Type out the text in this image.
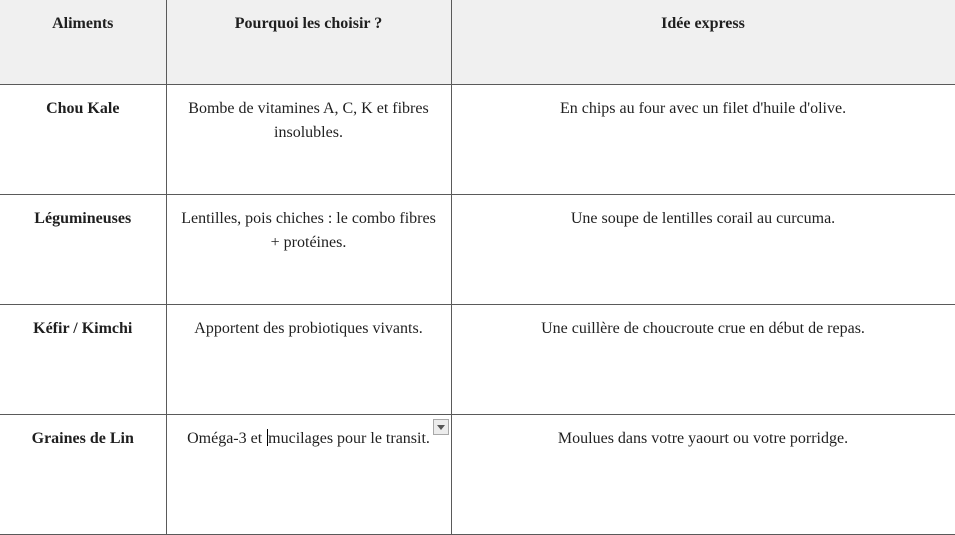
Aliments	Pourquoi les choisir ?	Idée express
Chou Kale	Bombe de vitamines A, C, K et fibres insolubles.	En chips au four avec un filet d'huile d'olive.
Légumineuses	Lentilles, pois chiches : le combo fibres + protéines.	Une soupe de lentilles corail au curcuma.
Kéfir / Kimchi	Apportent des probiotiques vivants.	Une cuillère de choucroute crue en début de repas.
Graines de Lin	Oméga-3 et mucilages pour le transit.	Moulues dans votre yaourt ou votre porridge.
